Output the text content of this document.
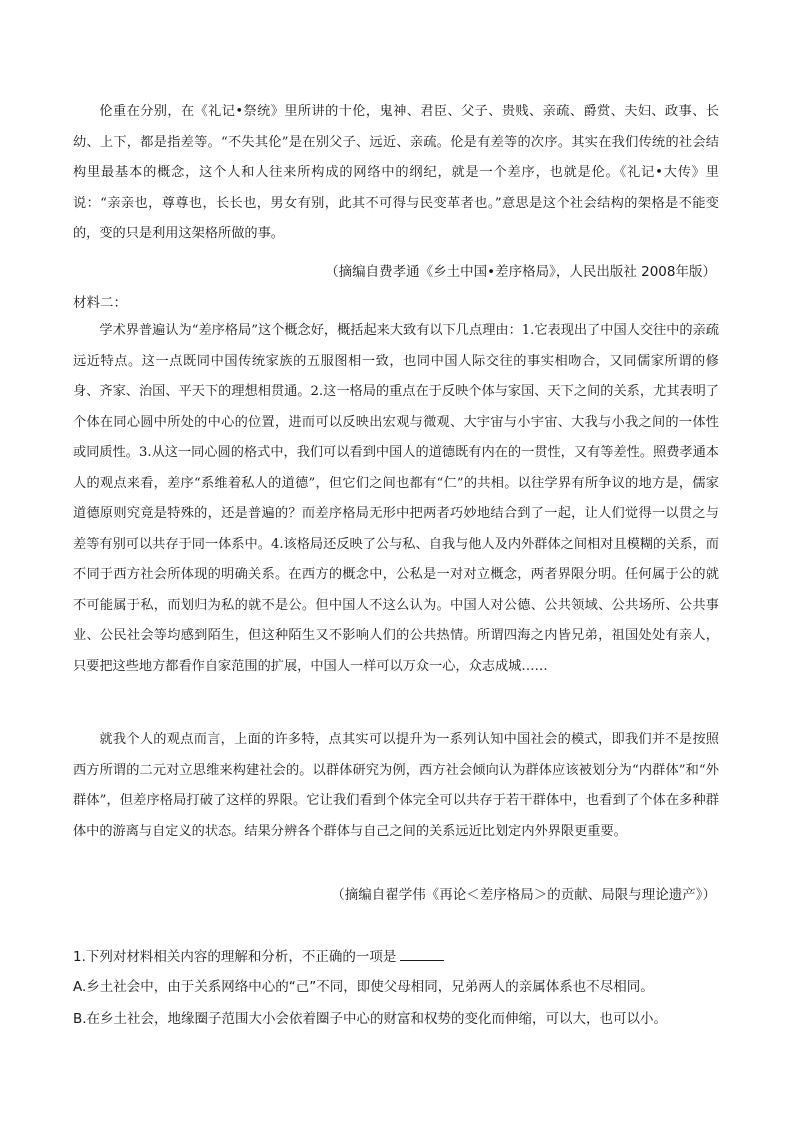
伦重在分别，在《礼记•祭统》里所讲的十伦，鬼神、君臣、父子、贵贱、亲疏、爵赏、夫妇、政事、长幼、上下，都是指差等。“不失其伦”是在别父子、远近、亲疏。伦是有差等的次序。其实在我们传统的社会结构里最基本的概念，这个人和人往来所构成的网络中的纲纪，就是一个差序，也就是伦。《礼记•大传》里说：“亲亲也，尊尊也，长长也，男女有别，此其不可得与民变革者也。”意思是这个社会结构的架格是不能变的，变的只是利用这架格所做的事。

（摘编自费孝通《乡土中国•差序格局》，人民出版社 2008年版）

材料二：

学术界普遍认为“差序格局”这个概念好，概括起来大致有以下几点理由：1.它表现出了中国人交往中的亲疏远近特点。这一点既同中国传统家族的五服图相一致，也同中国人际交往的事实相吻合，又同儒家所谓的修身、齐家、治国、平天下的理想相贯通。2.这一格局的重点在于反映个体与家国、天下之间的关系，尤其表明了个体在同心圆中所处的中心的位置，进而可以反映出宏观与微观、大宇宙与小宇宙、大我与小我之间的一体性或同质性。3.从这一同心圆的格式中，我们可以看到中国人的道德既有内在的一贯性，又有等差性。照费孝通本人的观点来看，差序“系维着私人的道德”，但它们之间也都有“仁”的共相。以往学界有所争议的地方是，儒家道德原则究竟是特殊的，还是普遍的？而差序格局无形中把两者巧妙地结合到了一起，让人们觉得一以贯之与差等有别可以共存于同一体系中。4.该格局还反映了公与私、自我与他人及内外群体之间相对且模糊的关系，而不同于西方社会所体现的明确关系。在西方的概念中，公私是一对对立概念，两者界限分明。任何属于公的就不可能属于私，而划归为私的就不是公。但中国人不这么认为。中国人对公德、公共领域、公共场所、公共事业、公民社会等均感到陌生，但这种陌生又不影响人们的公共热情。所谓四海之内皆兄弟，祖国处处有亲人，只要把这些地方都看作自家范围的扩展，中国人一样可以万众一心，众志成城……

就我个人的观点而言，上面的许多特，点其实可以提升为一系列认知中国社会的模式，即我们并不是按照西方所谓的二元对立思维来构建社会的。以群体研究为例，西方社会倾向认为群体应该被划分为“内群体”和“外群体”，但差序格局打破了这样的界限。它让我们看到个体完全可以共存于若干群体中，也看到了个体在多种群体中的游离与自定义的状态。结果分辨各个群体与自己之间的关系远近比划定内外界限更重要。

（摘编自翟学伟《再论＜差序格局＞的贡献、局限与理论遗产》）

1.下列对材料相关内容的理解和分析，不正确的一项是

A.乡土社会中，由于关系网络中心的“己”不同，即使父母相同，兄弟两人的亲属体系也不尽相同。

B.在乡土社会，地缘圈子范围大小会依着圈子中心的财富和权势的变化而伸缩，可以大，也可以小。
